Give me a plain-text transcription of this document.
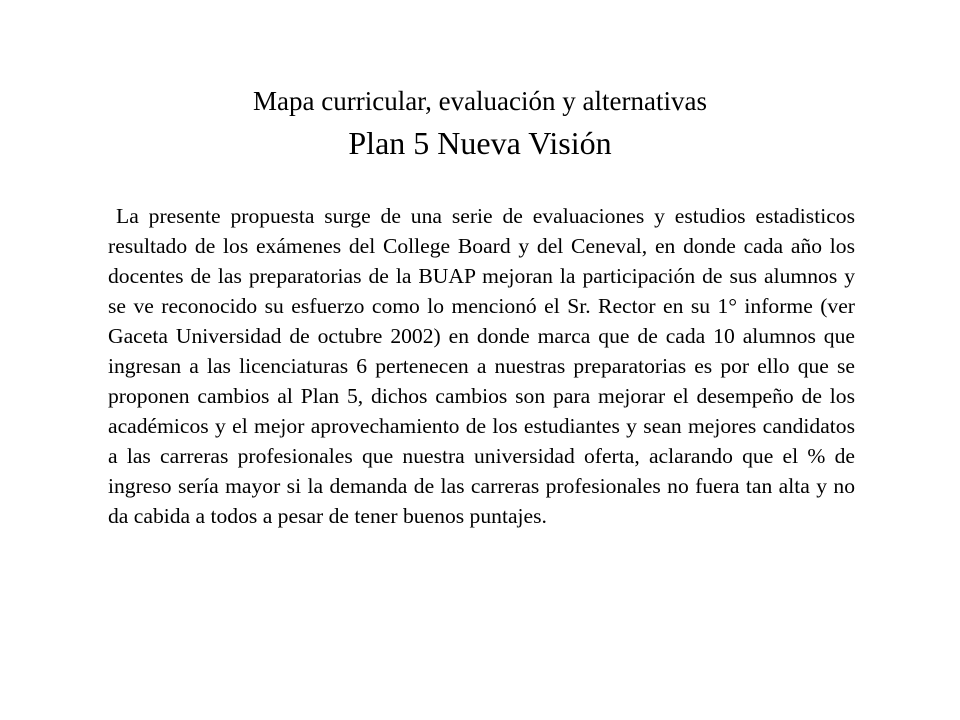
Mapa curricular, evaluación y alternativas
Plan 5 Nueva Visión

La presente propuesta surge de una serie de evaluaciones y estudios estadisticos resultado de los exámenes del College Board y del Ceneval, en donde cada año los docentes de las preparatorias de la BUAP mejoran la participación de sus alumnos y se ve reconocido su esfuerzo como lo mencionó el Sr. Rector en su 1° informe (ver Gaceta Universidad de octubre 2002) en donde marca que de cada 10 alumnos que ingresan a las licenciaturas 6 pertenecen a nuestras preparatorias es por ello que se proponen cambios al Plan 5, dichos cambios son para mejorar el desempeño de los académicos y el mejor aprovechamiento de los estudiantes y sean mejores candidatos a las carreras profesionales que nuestra universidad oferta, aclarando que el % de ingreso sería mayor si la demanda de las carreras profesionales no fuera tan alta y no da cabida a todos a pesar de tener buenos puntajes.
